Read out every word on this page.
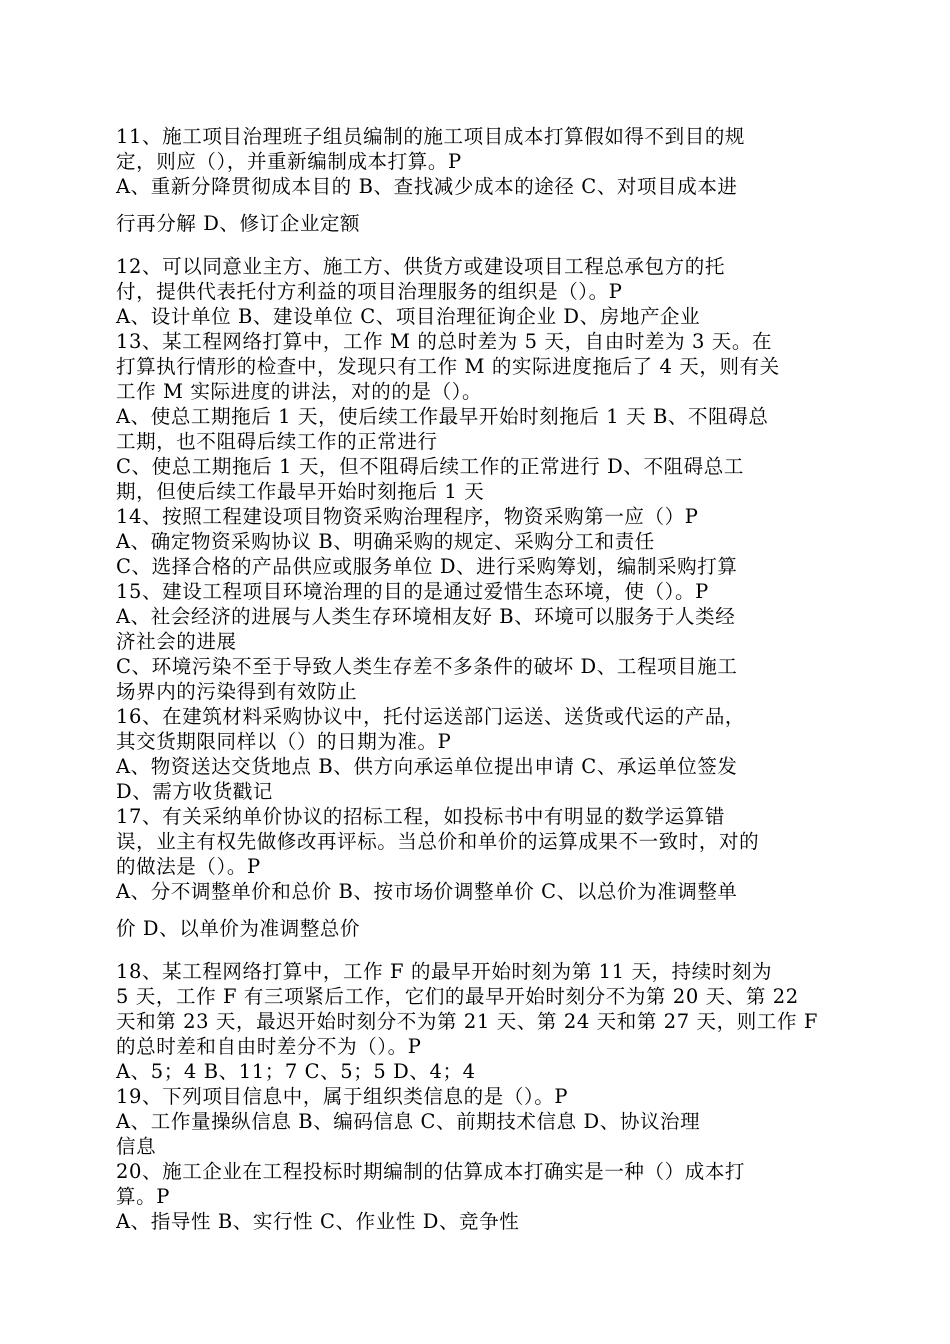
11、施工项目治理班子组员编制的施工项目成本打算假如得不到目的规
定，则应（），并重新编制成本打算。P
A、重新分降贯彻成本目的 B、查找减少成本的途径 C、对项目成本进
行再分解 D、修订企业定额
12、可以同意业主方、施工方、供货方或建设项目工程总承包方的托
付，提供代表托付方利益的项目治理服务的组织是（）。P
A、设计单位 B、建设单位 C、项目治理征询企业 D、房地产企业
13、某工程网络打算中，工作 M 的总时差为 5 天，自由时差为 3 天。在
打算执行情形的检查中，发现只有工作 M 的实际进度拖后了 4 天，则有关
工作 M 实际进度的讲法，对的的是（）。
A、使总工期拖后 1 天，使后续工作最早开始时刻拖后 1 天 B、不阻碍总
工期，也不阻碍后续工作的正常进行
C、使总工期拖后 1 天，但不阻碍后续工作的正常进行 D、不阻碍总工
期，但使后续工作最早开始时刻拖后 1 天
14、按照工程建设项目物资采购治理程序，物资采购第一应（）P
A、确定物资采购协议 B、明确采购的规定、采购分工和责任
C、选择合格的产品供应或服务单位 D、进行采购筹划，编制采购打算
15、建设工程项目环境治理的目的是通过爱惜生态环境，使（）。P
A、社会经济的进展与人类生存环境相友好 B、环境可以服务于人类经
济社会的进展
C、环境污染不至于导致人类生存差不多条件的破坏 D、工程项目施工
场界内的污染得到有效防止
16、在建筑材料采购协议中，托付运送部门运送、送货或代运的产品，
其交货期限同样以（）的日期为准。P
A、物资送达交货地点 B、供方向承运单位提出申请 C、承运单位签发
D、需方收货戳记
17、有关采纳单价协议的招标工程，如投标书中有明显的数学运算错
误，业主有权先做修改再评标。当总价和单价的运算成果不一致时，对的
的做法是（）。P
A、分不调整单价和总价 B、按市场价调整单价 C、以总价为准调整单
价 D、以单价为准调整总价
18、某工程网络打算中，工作 F 的最早开始时刻为第 11 天，持续时刻为
5 天，工作 F 有三项紧后工作，它们的最早开始时刻分不为第 20 天、第 22
天和第 23 天，最迟开始时刻分不为第 21 天、第 24 天和第 27 天，则工作 F
的总时差和自由时差分不为（）。P
A、5；4 B、11；7 C、5；5 D、4；4
19、下列项目信息中，属于组织类信息的是（）。P
A、工作量操纵信息 B、编码信息 C、前期技术信息 D、协议治理
信息
20、施工企业在工程投标时期编制的估算成本打确实是一种（）成本打
算。P
A、指导性 B、实行性 C、作业性 D、竞争性
